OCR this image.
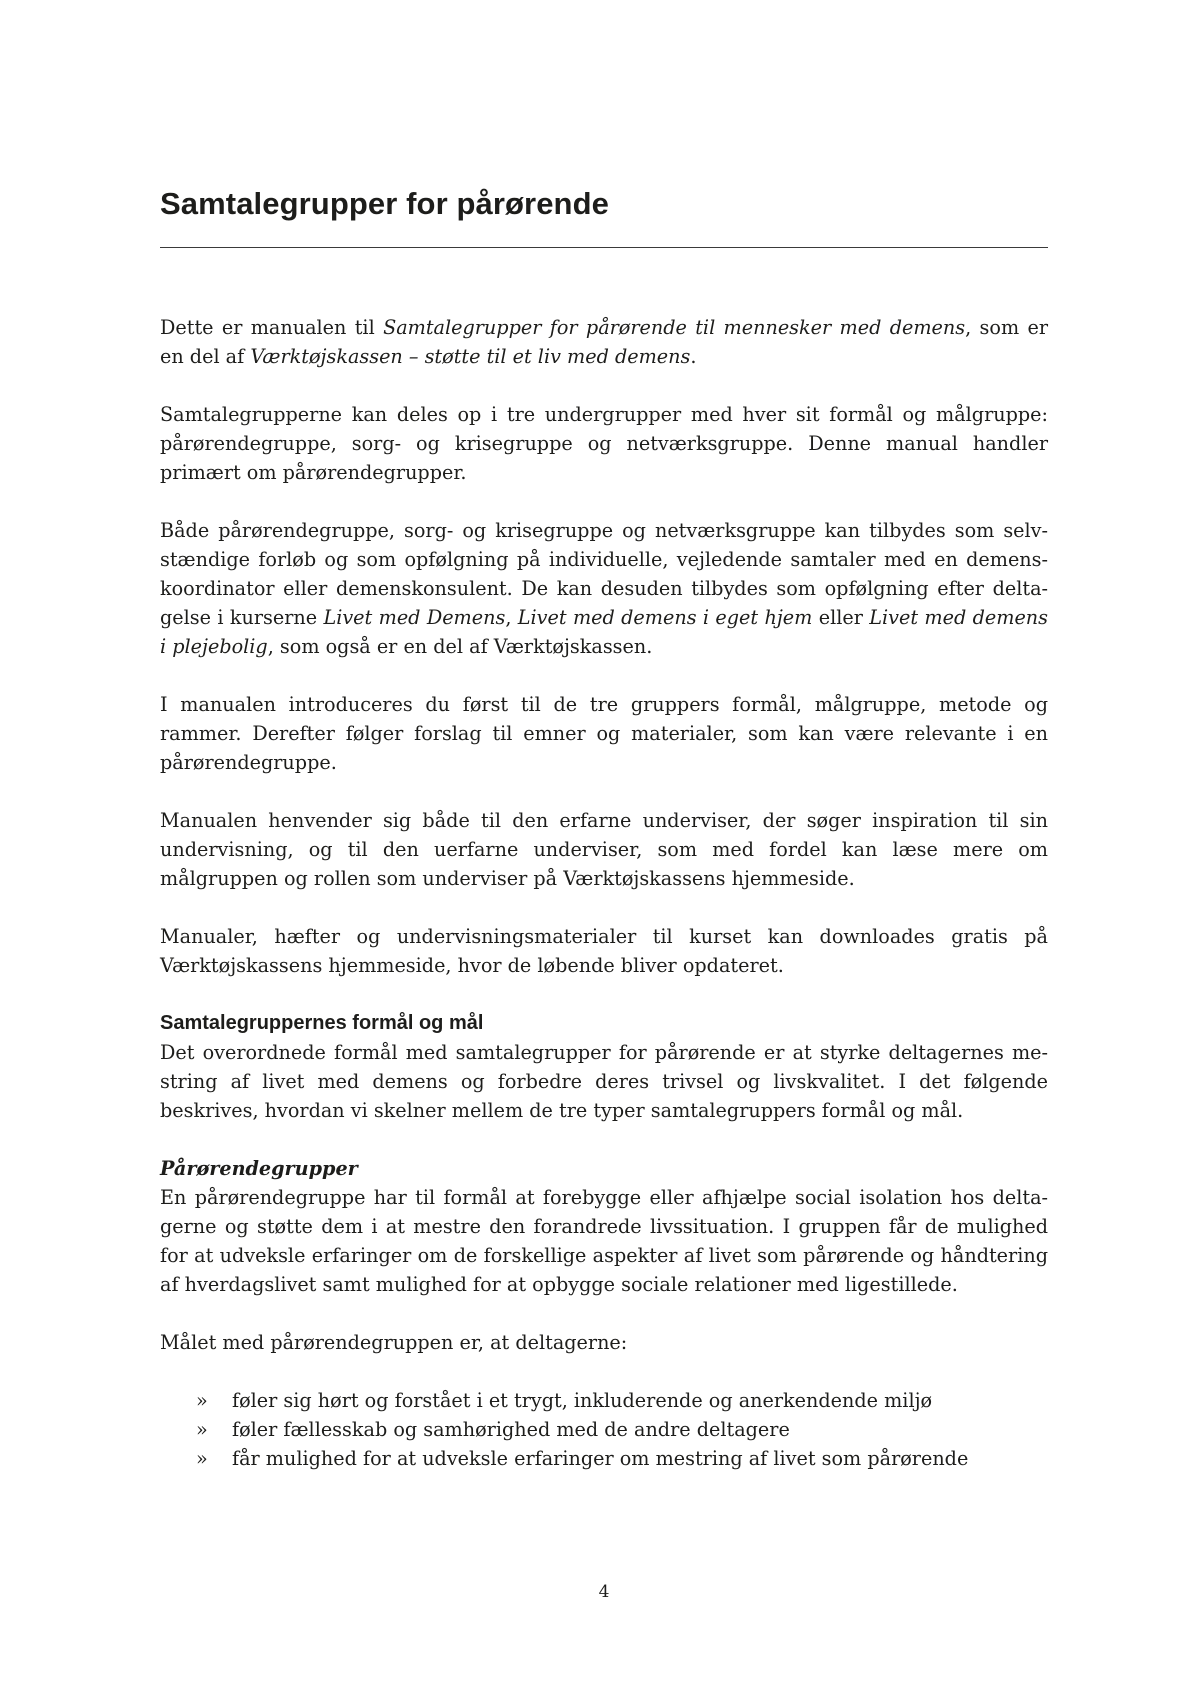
Samtalegrupper for pårørende

Dette er manualen til Samtalegrupper for pårørende til mennesker med demens, som er en del af Værktøjskassen – støtte til et liv med demens.

Samtalegrupperne kan deles op i tre undergrupper med hver sit formål og målgruppe: pårørendegruppe, sorg- og krisegruppe og netværksgruppe. Denne manual handler primært om pårørendegrupper.

Både pårørendegruppe, sorg- og krisegruppe og netværksgruppe kan tilbydes som selvstændige forløb og som opfølgning på individuelle, vejledende samtaler med en demenskoordinator eller demenskonsulent. De kan desuden tilbydes som opfølgning efter deltagelse i kurserne Livet med Demens, Livet med demens i eget hjem eller Livet med demens i plejebolig, som også er en del af Værktøjskassen.

I manualen introduceres du først til de tre gruppers formål, målgruppe, metode og rammer. Derefter følger forslag til emner og materialer, som kan være relevante i en pårørendegruppe.

Manualen henvender sig både til den erfarne underviser, der søger inspiration til sin undervisning, og til den uerfarne underviser, som med fordel kan læse mere om målgruppen og rollen som underviser på Værktøjskassens hjemmeside.

Manualer, hæfter og undervisningsmaterialer til kurset kan downloades gratis på Værktøjskassens hjemmeside, hvor de løbende bliver opdateret.

Samtalegruppernes formål og mål

Det overordnede formål med samtalegrupper for pårørende er at styrke deltagernes mestring af livet med demens og forbedre deres trivsel og livskvalitet. I det følgende beskrives, hvordan vi skelner mellem de tre typer samtalegruppers formål og mål.

Pårørendegrupper

En pårørendegruppe har til formål at forebygge eller afhjælpe social isolation hos deltagerne og støtte dem i at mestre den forandrede livssituation. I gruppen får de mulighed for at udveksle erfaringer om de forskellige aspekter af livet som pårørende og håndtering af hverdagslivet samt mulighed for at opbygge sociale relationer med ligestillede.

Målet med pårørendegruppen er, at deltagerne:

» føler sig hørt og forstået i et trygt, inkluderende og anerkendende miljø
» føler fællesskab og samhørighed med de andre deltagere
» får mulighed for at udveksle erfaringer om mestring af livet som pårørende
4
